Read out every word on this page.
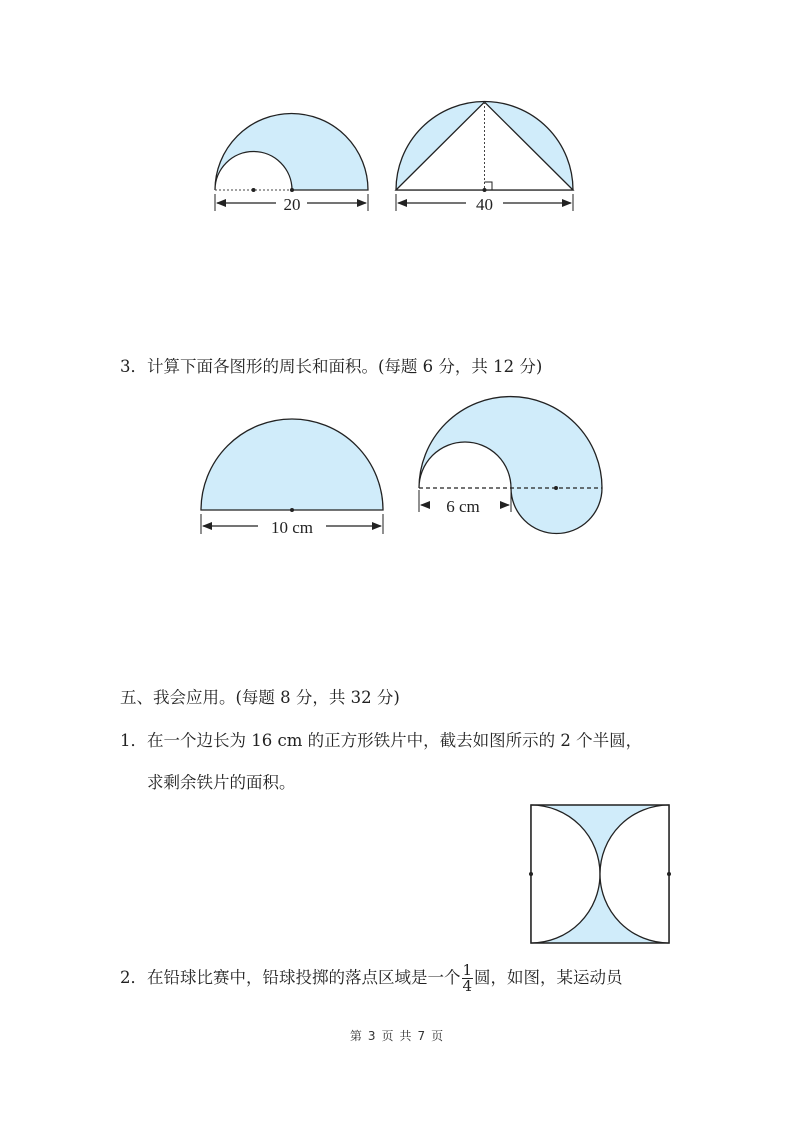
20	40
10 cm
6 cm
3．计算下面各图形的周长和面积。(每题 6 分，共 12 分)
五、我会应用。(每题 8 分，共 32 分)
1．在一个边长为 16 cm 的正方形铁片中，截去如图所示的 2 个半圆，
求剩余铁片的面积。
2．在铅球比赛中，铅球投掷的落点区域是一个 $\frac{1}{4}$ 圆，如图，某运动员
第 3 页 共 7 页
